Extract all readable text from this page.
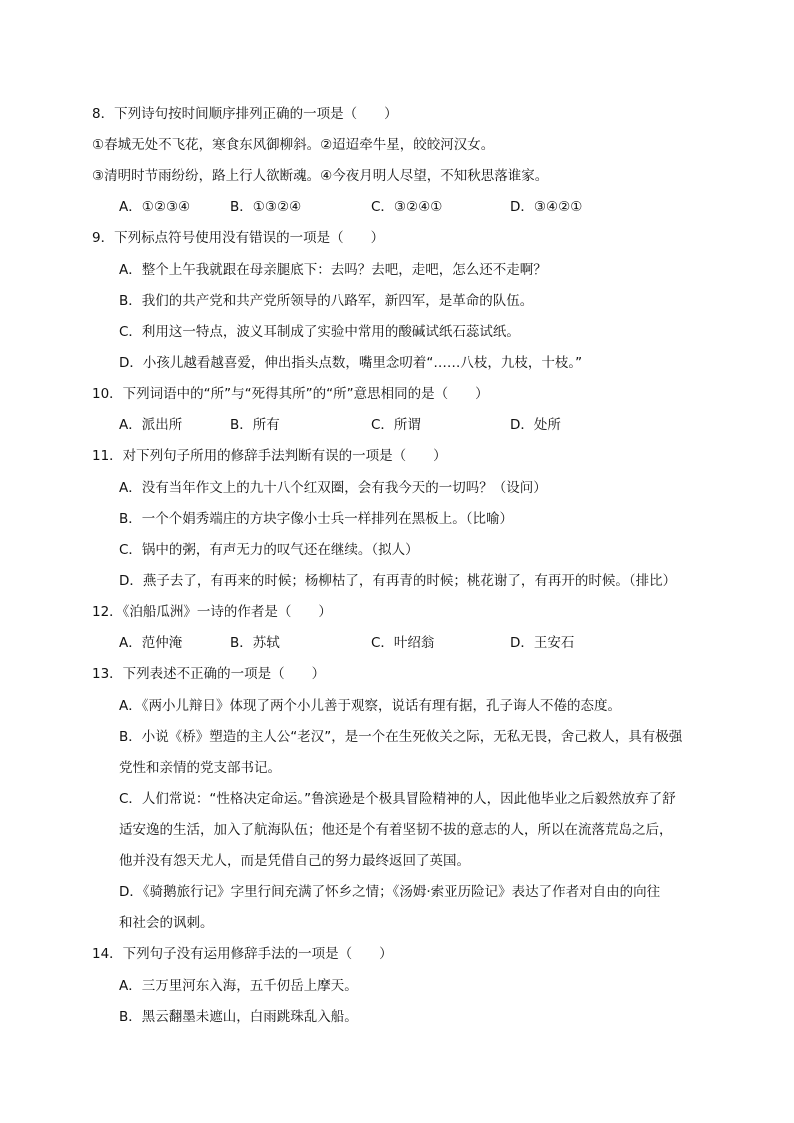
8．下列诗句按时间顺序排列正确的一项是（　　）
①春城无处不飞花，寒食东风御柳斜。②迢迢牵牛星，皎皎河汉女。
③清明时节雨纷纷，路上行人欲断魂。④今夜月明人尽望，不知秋思落谁家。
A．①②③④	B．①③②④	C．③②④①	D．③④②①
9．下列标点符号使用没有错误的一项是（　　）
A．整个上午我就跟在母亲腿底下：去吗？去吧，走吧，怎么还不走啊？
B．我们的共产党和共产党所领导的八路军，新四军，是革命的队伍。
C．利用这一特点，波义耳制成了实验中常用的酸碱试纸石蕊试纸。
D．小孩儿越看越喜爱，伸出指头点数，嘴里念叨着“……八枝，九枝，十枝。”
10．下列词语中的“所”与“死得其所”的“所”意思相同的是（　　）
A．派出所	B．所有	C．所谓	D．处所
11．对下列句子所用的修辞手法判断有误的一项是（　　）
A．没有当年作文上的九十八个红双圈，会有我今天的一切吗？（设问）
B．一个个娟秀端庄的方块字像小士兵一样排列在黑板上。（比喻）
C．锅中的粥，有声无力的叹气还在继续。（拟人）
D．燕子去了，有再来的时候；杨柳枯了，有再青的时候；桃花谢了，有再开的时候。（排比）
12．《泊船瓜洲》一诗的作者是（　　）
A．范仲淹	B．苏轼	C．叶绍翁	D．王安石
13．下列表述不正确的一项是（　　）
A．《两小儿辩日》体现了两个小儿善于观察，说话有理有据，孔子诲人不倦的态度。
B．小说《桥》塑造的主人公“老汉”，是一个在生死攸关之际，无私无畏，舍己救人，具有极强
党性和亲情的党支部书记。
C．人们常说：“性格决定命运。”鲁滨逊是个极具冒险精神的人，因此他毕业之后毅然放弃了舒
适安逸的生活，加入了航海队伍；他还是个有着坚韧不拔的意志的人，所以在流落荒岛之后，
他并没有怨天尤人，而是凭借自己的努力最终返回了英国。
D．《骑鹅旅行记》字里行间充满了怀乡之情；《汤姆·索亚历险记》表达了作者对自由的向往
和社会的讽刺。
14．下列句子没有运用修辞手法的一项是（　　）
A．三万里河东入海，五千仞岳上摩天。
B．黑云翻墨未遮山，白雨跳珠乱入船。
